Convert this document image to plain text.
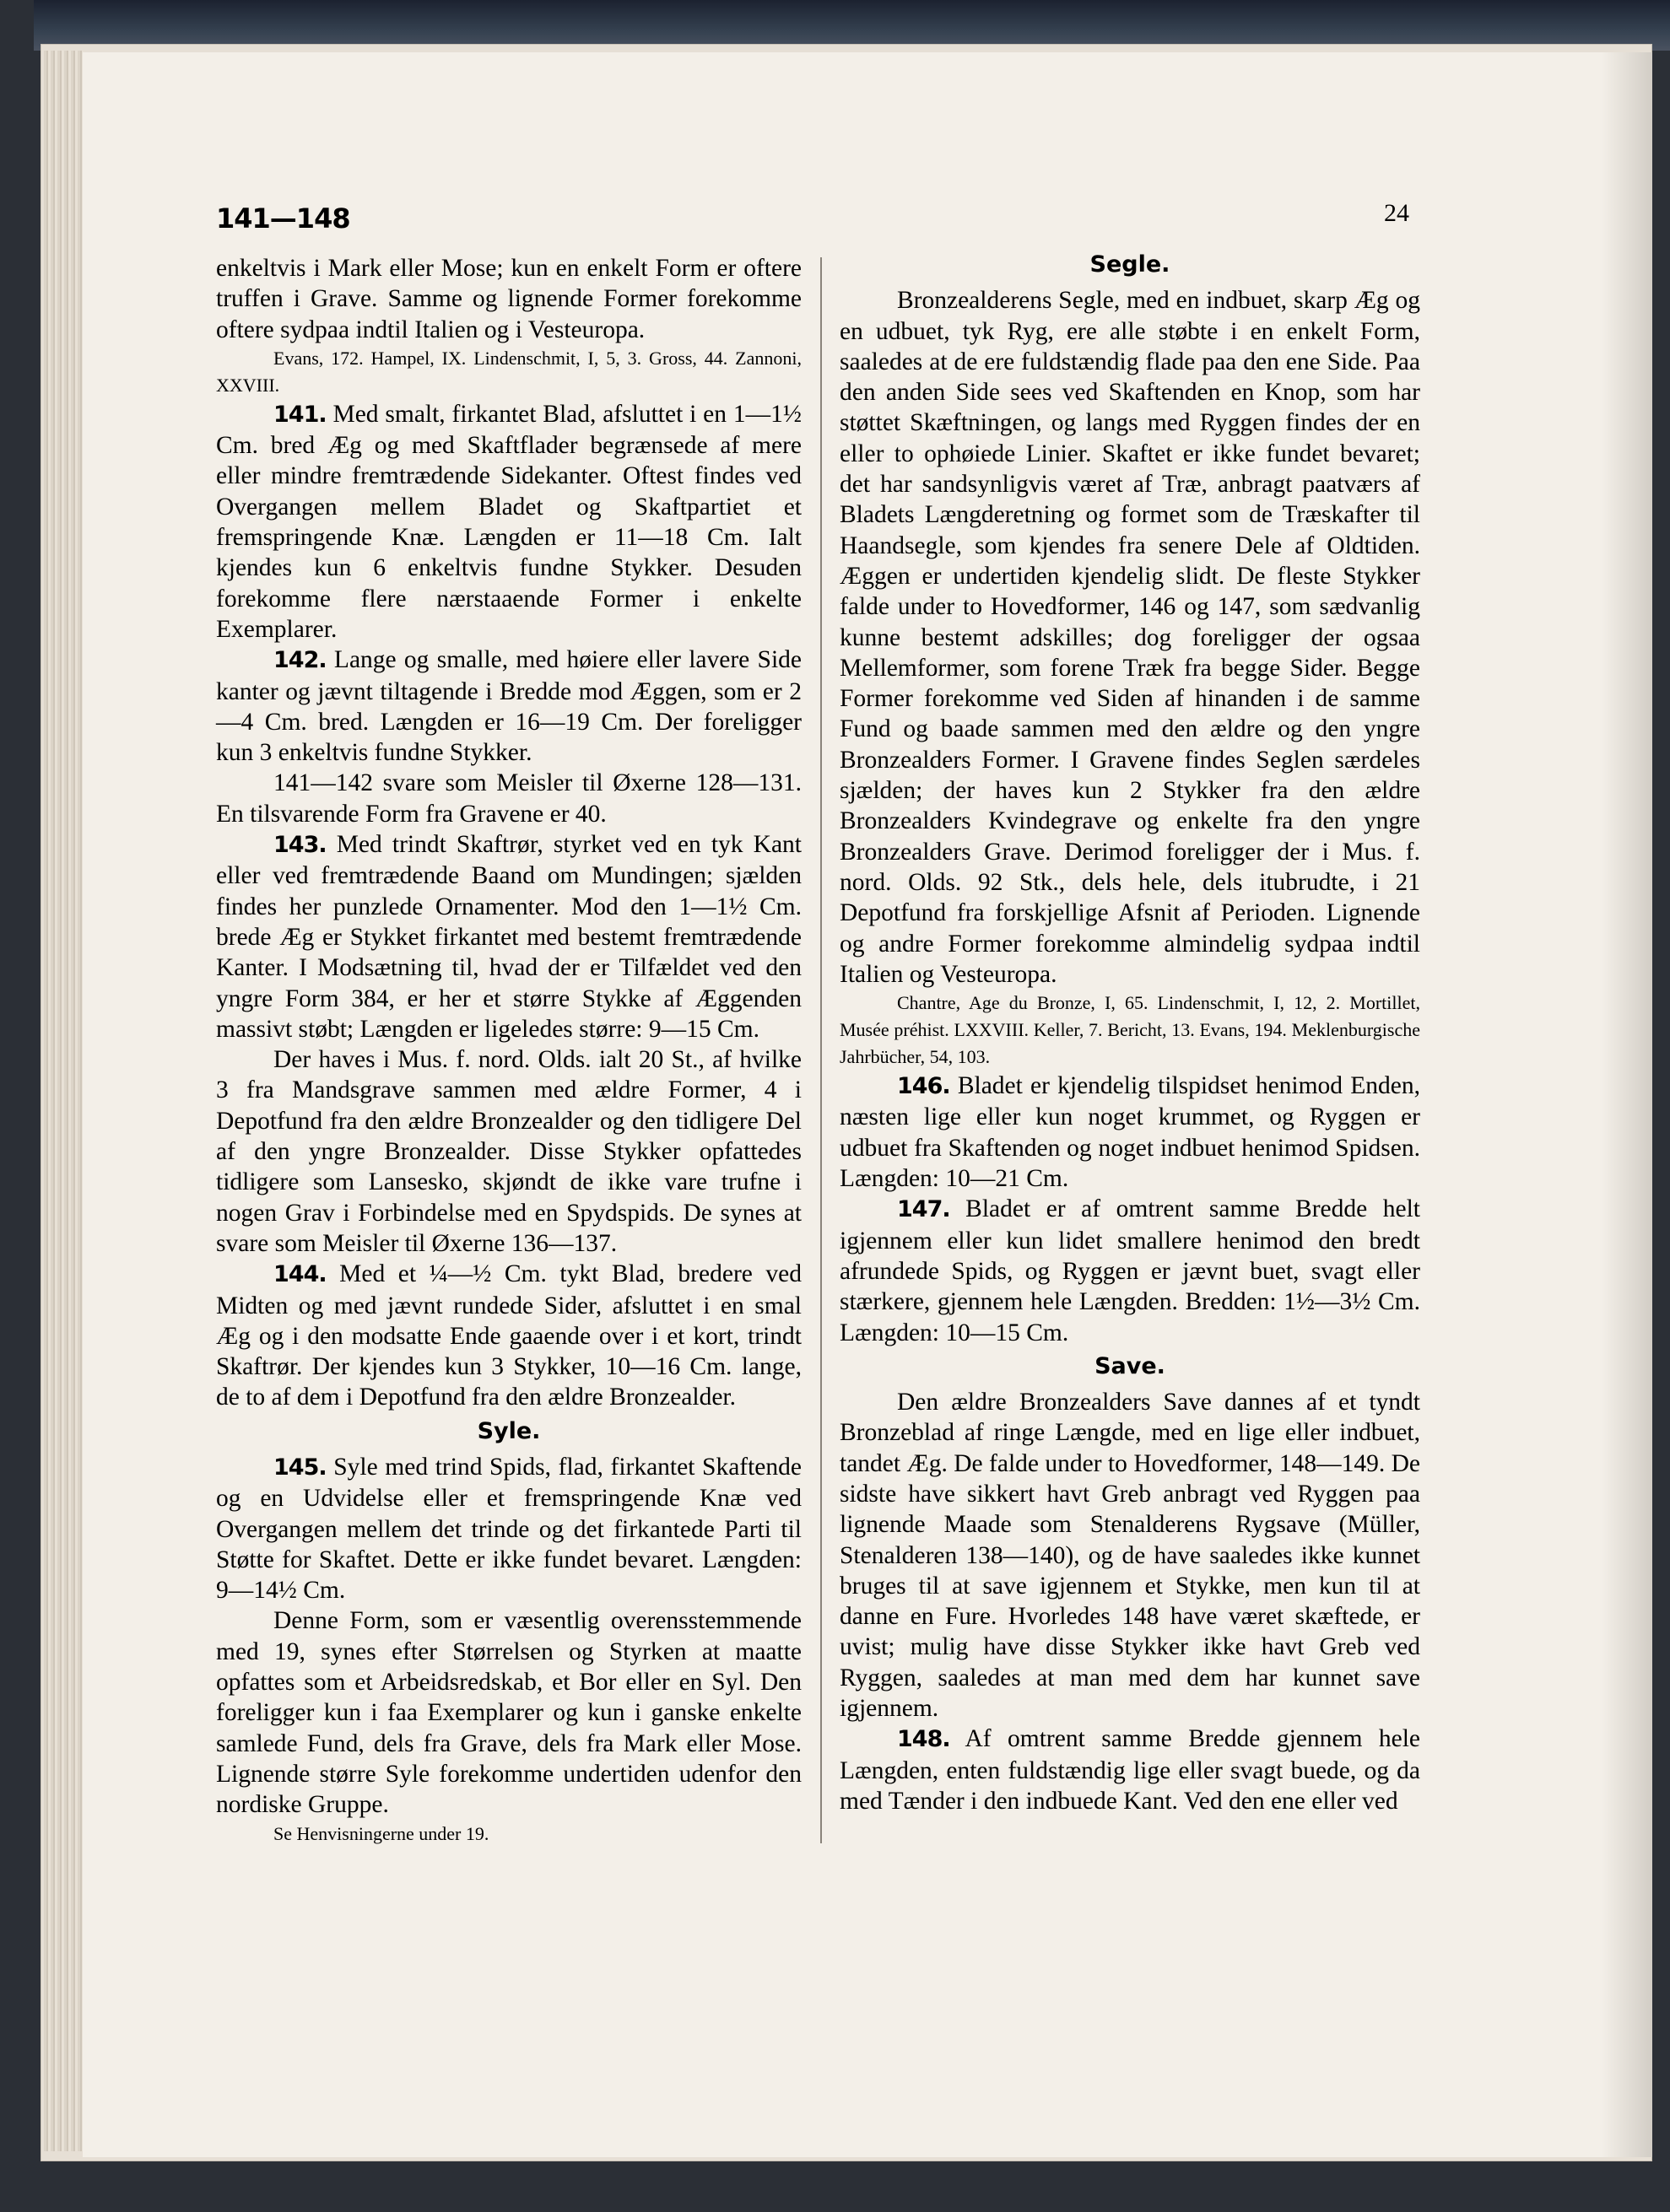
141—148	24

enkeltvis i Mark eller Mose; kun en enkelt Form er oftere truffen i Grave. Samme og lignende Former forekomme oftere sydpaa indtil Italien og i Vesteuropa.

Evans, 172. Hampel, IX. Lindenschmit, I, 5, 3. Gross, 44. Zannoni, XXVIII.

141. Med smalt, firkantet Blad, afsluttet i en 1—1½ Cm. bred Æg og med Skaftflader begrænsede af mere eller mindre fremtrædende Sidekanter. Oftest findes ved Overgangen mellem Bladet og Skaftpartiet et fremspringende Knæ. Længden er 11—18 Cm. Ialt kjendes kun 6 enkeltvis fundne Stykker. Desuden forekomme flere nærstaaende Former i enkelte Exemplarer.

142. Lange og smalle, med høiere eller lavere Side kanter og jævnt tiltagende i Bredde mod Æggen, som er 2—4 Cm. bred. Længden er 16—19 Cm. Der foreligger kun 3 enkeltvis fundne Stykker.

141—142 svare som Meisler til Øxerne 128—131. En tilsvarende Form fra Gravene er 40.

143. Med trindt Skaftrør, styrket ved en tyk Kant eller ved fremtrædende Baand om Mundingen; sjælden findes her punzlede Ornamenter. Mod den 1—1½ Cm. brede Æg er Stykket firkantet med bestemt fremtrædende Kanter. I Modsætning til, hvad der er Tilfældet ved den yngre Form 384, er her et større Stykke af Æggenden massivt støbt; Længden er ligeledes større: 9—15 Cm.

Der haves i Mus. f. nord. Olds. ialt 20 St., af hvilke 3 fra Mandsgrave sammen med ældre Former, 4 i Depotfund fra den ældre Bronzealder og den tidligere Del af den yngre Bronzealder. Disse Stykker opfattedes tidligere som Lansesko, skjøndt de ikke vare trufne i nogen Grav i Forbindelse med en Spydspids. De synes at svare som Meisler til Øxerne 136—137.

144. Med et ¼—½ Cm. tykt Blad, bredere ved Midten og med jævnt rundede Sider, afsluttet i en smal Æg og i den modsatte Ende gaaende over i et kort, trindt Skaftrør. Der kjendes kun 3 Stykker, 10—16 Cm. lange, de to af dem i Depotfund fra den ældre Bronzealder.

Syle.

145. Syle med trind Spids, flad, firkantet Skaftende og en Udvidelse eller et fremspringende Knæ ved Overgangen mellem det trinde og det firkantede Parti til Støtte for Skaftet. Dette er ikke fundet bevaret. Længden: 9—14½ Cm.

Denne Form, som er væsentlig overensstemmende med 19, synes efter Størrelsen og Styrken at maatte opfattes som et Arbeidsredskab, et Bor eller en Syl. Den foreligger kun i faa Exemplarer og kun i ganske enkelte samlede Fund, dels fra Grave, dels fra Mark eller Mose. Lignende større Syle forekomme undertiden udenfor den nordiske Gruppe.

Se Henvisningerne under 19.

Segle.

Bronzealderens Segle, med en indbuet, skarp Æg og en udbuet, tyk Ryg, ere alle støbte i en enkelt Form, saaledes at de ere fuldstændig flade paa den ene Side. Paa den anden Side sees ved Skaftenden en Knop, som har støttet Skæftningen, og langs med Ryggen findes der en eller to ophøiede Linier. Skaftet er ikke fundet bevaret; det har sandsynligvis været af Træ, anbragt paatværs af Bladets Længderetning og formet som de Træskafter til Haandsegle, som kjendes fra senere Dele af Oldtiden. Æggen er undertiden kjendelig slidt. De fleste Stykker falde under to Hovedformer, 146 og 147, som sædvanlig kunne bestemt adskilles; dog foreligger der ogsaa Mellemformer, som forene Træk fra begge Sider. Begge Former forekomme ved Siden af hinanden i de samme Fund og baade sammen med den ældre og den yngre Bronzealders Former. I Gravene findes Seglen særdeles sjælden; der haves kun 2 Stykker fra den ældre Bronzealders Kvindegrave og enkelte fra den yngre Bronzealders Grave. Derimod foreligger der i Mus. f. nord. Olds. 92 Stk., dels hele, dels itubrudte, i 21 Depotfund fra forskjellige Afsnit af Perioden. Lignende og andre Former forekomme almindelig sydpaa indtil Italien og Vesteuropa.

Chantre, Age du Bronze, I, 65. Lindenschmit, I, 12, 2. Mortillet, Musée préhist. LXXVIII. Keller, 7. Bericht, 13. Evans, 194. Meklenburgische Jahrbücher, 54, 103.

146. Bladet er kjendelig tilspidset henimod Enden, næsten lige eller kun noget krummet, og Ryggen er udbuet fra Skaftenden og noget indbuet henimod Spidsen. Længden: 10—21 Cm.

147. Bladet er af omtrent samme Bredde helt igjennem eller kun lidet smallere henimod den bredt afrundede Spids, og Ryggen er jævnt buet, svagt eller stærkere, gjennem hele Længden. Bredden: 1½—3½ Cm. Længden: 10—15 Cm.

Save.

Den ældre Bronzealders Save dannes af et tyndt Bronzeblad af ringe Længde, med en lige eller indbuet, tandet Æg. De falde under to Hovedformer, 148—149. De sidste have sikkert havt Greb anbragt ved Ryggen paa lignende Maade som Stenalderens Rygsave (Müller, Stenalderen 138—140), og de have saaledes ikke kunnet bruges til at save igjennem et Stykke, men kun til at danne en Fure. Hvorledes 148 have været skæftede, er uvist; mulig have disse Stykker ikke havt Greb ved Ryggen, saaledes at man med dem har kunnet save igjennem.

148. Af omtrent samme Bredde gjennem hele Længden, enten fuldstændig lige eller svagt buede, og da med Tænder i den indbuede Kant. Ved den ene eller ved
